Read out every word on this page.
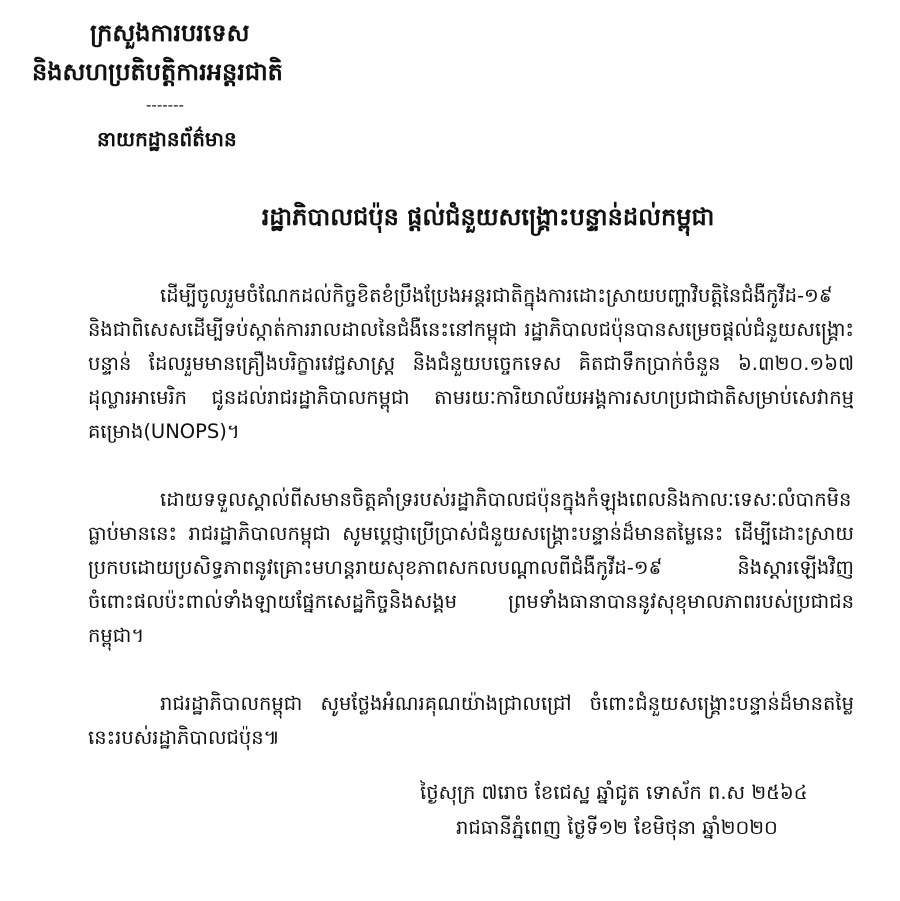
ក្រសួងការបរទេស
និងសហប្រតិបត្តិការអន្តរជាតិ
-------
នាយកដ្ឋានព័ត៌មាន
រដ្ឋាភិបាលជប៉ុន ផ្តល់ជំនួយសង្គ្រោះបន្ទាន់ដល់កម្ពុជា

ដើម្បីចូលរួមចំណែកដល់កិច្ចខិតខំប្រឹងប្រែងអន្តរជាតិក្នុងការដោះស្រាយបញ្ហាវិបត្តិនៃជំងឺកូវីដ-១៩ និងជាពិសេសដើម្បីទប់ស្កាត់ការរាលដាលនៃជំងឺនេះនៅកម្ពុជា រដ្ឋាភិបាលជប៉ុនបានសម្រេចផ្តល់ជំនួយសង្គ្រោះបន្ទាន់ ដែលរួមមានគ្រឿងបរិក្ខារវេជ្ជសាស្ត្រ និងជំនួយបច្ចេកទេស គិតជាទឹកប្រាក់ចំនួន ៦.៣២០.១៦៧ ដុល្លារអាមេរិក ជូនដល់រាជរដ្ឋាភិបាលកម្ពុជា តាមរយៈការិយាល័យអង្គការសហប្រជាជាតិសម្រាប់សេវាកម្មគម្រោង(UNOPS)។

ដោយទទួលស្គាល់ពីសមានចិត្តគាំទ្ររបស់រដ្ឋាភិបាលជប៉ុនក្នុងកំឡុងពេលនិងកាលៈទេសៈលំបាកមិនធ្លាប់មាននេះ រាជរដ្ឋាភិបាលកម្ពុជា សូមប្តេជ្ញាប្រើប្រាស់ជំនួយសង្គ្រោះបន្ទាន់ដ៏មានតម្លៃនេះ ដើម្បីដោះស្រាយប្រកបដោយប្រសិទ្ធភាពនូវគ្រោះមហន្តរាយសុខភាពសកលបណ្តាលពីជំងឺកូវីដ-១៩ និងស្តារឡើងវិញចំពោះផលប៉ះពាល់ទាំងឡាយផ្នែកសេដ្ឋកិច្ចនិងសង្គម ព្រមទាំងធានាបាននូវសុខុមាលភាពរបស់ប្រជាជនកម្ពុជា។

រាជរដ្ឋាភិបាលកម្ពុជា សូមថ្លែងអំណរគុណយ៉ាងជ្រាលជ្រៅ ចំពោះជំនួយសង្គ្រោះបន្ទាន់ដ៏មានតម្លៃនេះរបស់រដ្ឋាភិបាលជប៉ុន៕

ថ្ងៃសុក្រ ៧រោច ខែជេស្ឋ ឆ្នាំជូត ទោស័ក ព.ស ២៥៦៤
រាជធានីភ្នំពេញ ថ្ងៃទី១២ ខែមិថុនា ឆ្នាំ២០២០
